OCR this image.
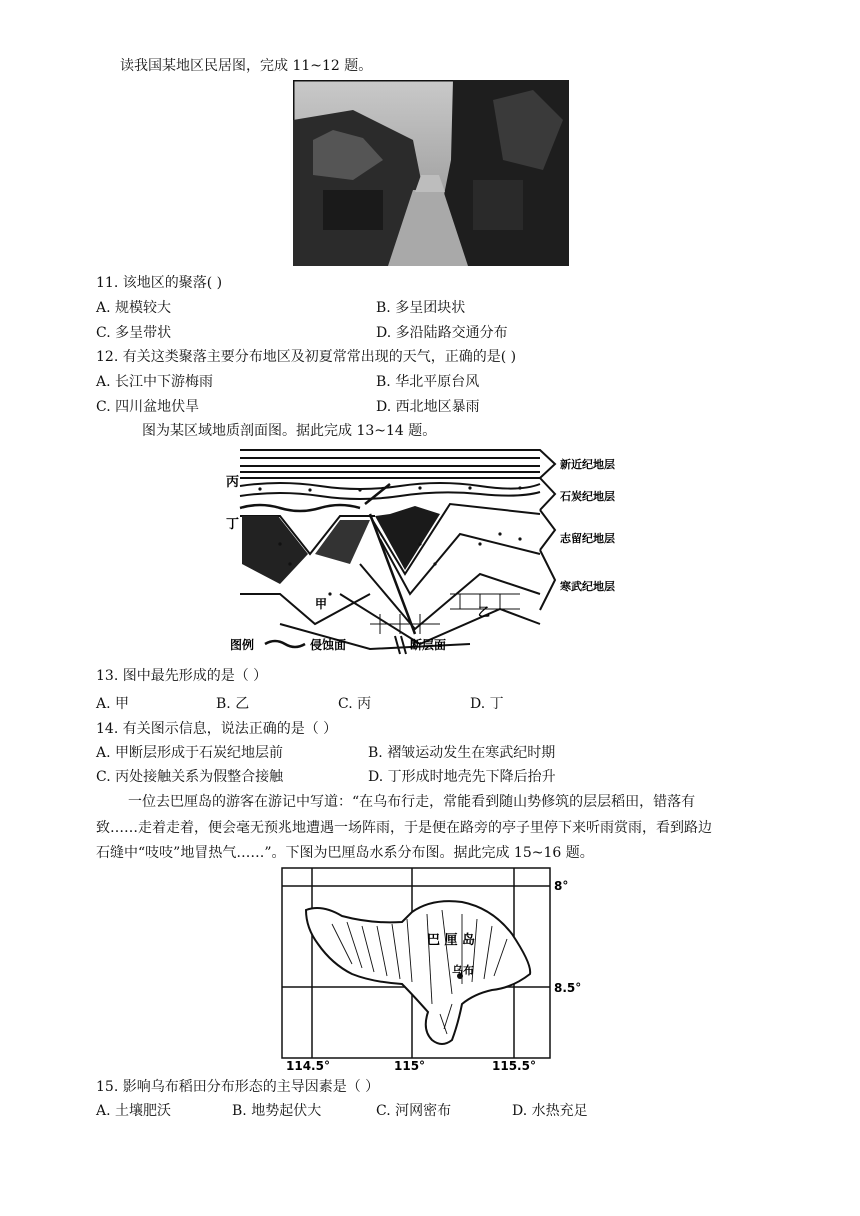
读我国某地区民居图，完成 11~12 题。
11. 该地区的聚落( )
A. 规模较大	B. 多呈团块状
C. 多呈带状	D. 多沿陆路交通分布
12. 有关这类聚落主要分布地区及初夏常常出现的天气，正确的是( )
A. 长江中下游梅雨	B. 华北平原台风
C. 四川盆地伏旱	D. 西北地区暴雨
图为某区域地质剖面图。据此完成 13~14 题。
丙
丁
甲
乙
新近纪地层
石炭纪地层
志留纪地层
寒武纪地层
图例	侵蚀面	断层面
13. 图中最先形成的是（ ）
A. 甲	B. 乙	C. 丙	D. 丁
14. 有关图示信息，说法正确的是（ ）
A. 甲断层形成于石炭纪地层前	B. 褶皱运动发生在寒武纪时期
C. 丙处接触关系为假整合接触	D. 丁形成时地壳先下降后抬升
一位去巴厘岛的游客在游记中写道：“在乌布行走，常能看到随山势修筑的层层稻田，错落有
致……走着走着，便会毫无预兆地遭遇一场阵雨，于是便在路旁的亭子里停下来听雨赏雨，看到路边
石缝中“吱吱”地冒热气……”。下图为巴厘岛水系分布图。据此完成 15~16 题。
巴 厘 岛
乌布
8°
8.5°
114.5°	115°	115.5°
15. 影响乌布稻田分布形态的主导因素是（ ）
A. 土壤肥沃	B. 地势起伏大	C. 河网密布	D. 水热充足
